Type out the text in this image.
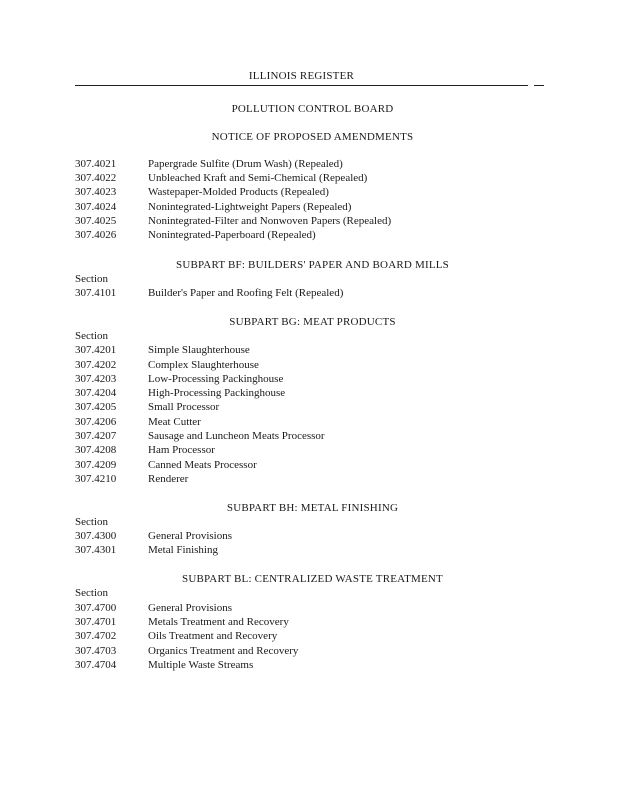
ILLINOIS REGISTER
POLLUTION CONTROL BOARD
NOTICE OF PROPOSED AMENDMENTS
307.4021	Papergrade Sulfite (Drum Wash) (Repealed)
307.4022	Unbleached Kraft and Semi-Chemical (Repealed)
307.4023	Wastepaper-Molded Products (Repealed)
307.4024	Nonintegrated-Lightweight Papers (Repealed)
307.4025	Nonintegrated-Filter and Nonwoven Papers (Repealed)
307.4026	Nonintegrated-Paperboard (Repealed)
SUBPART BF: BUILDERS' PAPER AND BOARD MILLS
Section
307.4101	Builder's Paper and Roofing Felt (Repealed)
SUBPART BG: MEAT PRODUCTS
Section
307.4201	Simple Slaughterhouse
307.4202	Complex Slaughterhouse
307.4203	Low-Processing Packinghouse
307.4204	High-Processing Packinghouse
307.4205	Small Processor
307.4206	Meat Cutter
307.4207	Sausage and Luncheon Meats Processor
307.4208	Ham Processor
307.4209	Canned Meats Processor
307.4210	Renderer
SUBPART BH: METAL FINISHING
Section
307.4300	General Provisions
307.4301	Metal Finishing
SUBPART BL: CENTRALIZED WASTE TREATMENT
Section
307.4700	General Provisions
307.4701	Metals Treatment and Recovery
307.4702	Oils Treatment and Recovery
307.4703	Organics Treatment and Recovery
307.4704	Multiple Waste Streams
